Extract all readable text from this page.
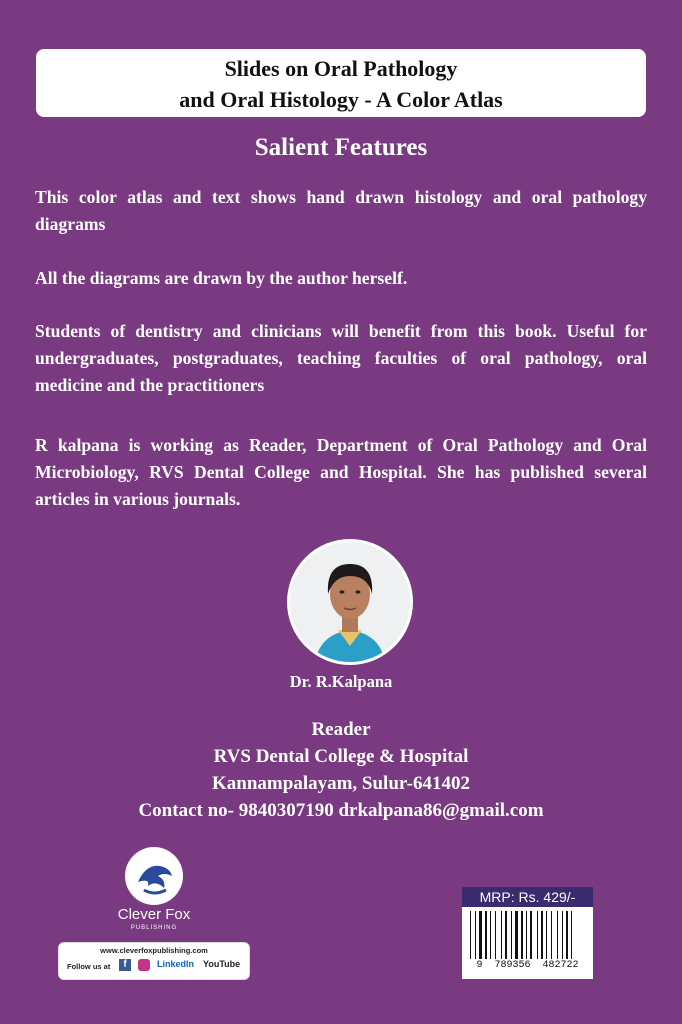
Slides on Oral Pathology
and Oral Histology - A Color Atlas
Salient Features
This color atlas and text shows hand drawn histology and oral pathology diagrams
All the diagrams are drawn by the author herself.
Students of dentistry and clinicians will benefit from this book. Useful for undergraduates, postgraduates, teaching faculties of oral pathology, oral medicine and the practitioners
R kalpana is working as Reader, Department of Oral Pathology and Oral Microbiology, RVS Dental College and Hospital. She has published several articles in various journals.
Dr. R.Kalpana
Reader
RVS Dental College & Hospital
Kannampalayam, Sulur-641402
Contact no- 9840307190 drkalpana86@gmail.com
Clever Fox
PUBLISHING
www.cleverfoxpublishing.com
Follow us at	f	LinkedIn YouTube	9  789356  482722
MRP: Rs. 429/-
